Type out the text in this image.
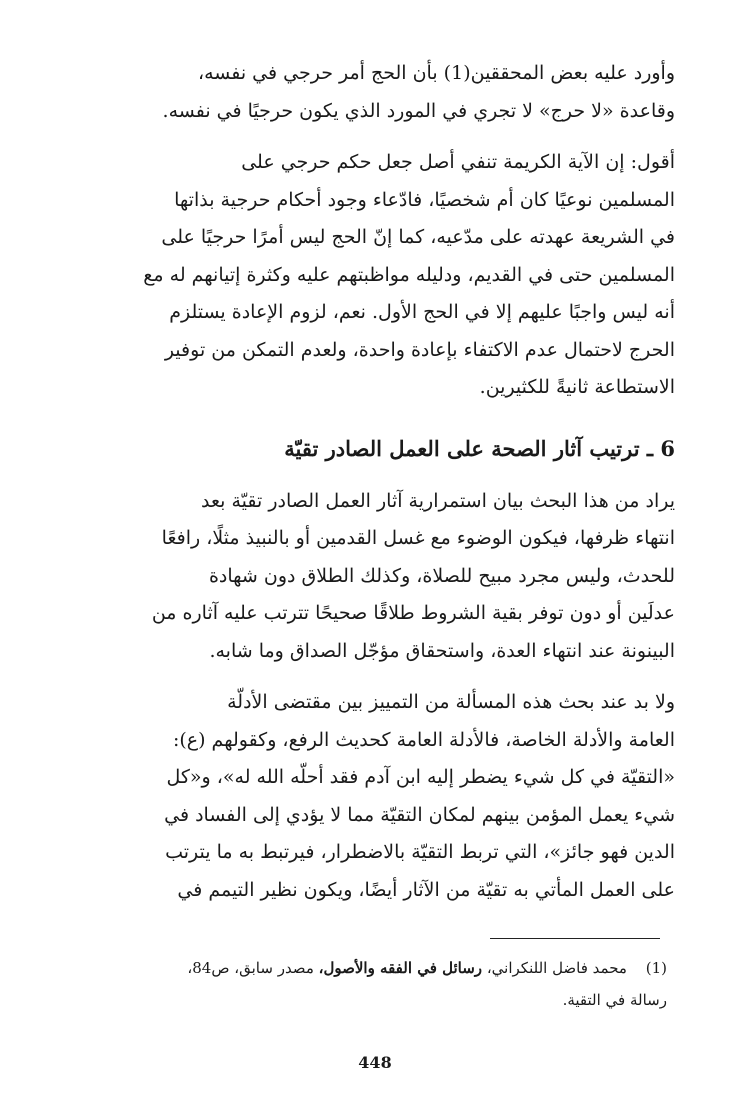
وأورد عليه بعض المحققين(1) بأن الحج أمر حرجي في نفسه،
وقاعدة «لا حرج» لا تجري في المورد الذي يكون حرجيًا في نفسه.

أقول: إن الآية الكريمة تنفي أصل جعل حكم حرجي على
المسلمين نوعيًا كان أم شخصيًا، فادّعاء وجود أحكام حرجية بذاتها
في الشريعة عهدته على مدّعيه، كما إنّ الحج ليس أمرًا حرجيًا على
المسلمين حتى في القديم، ودليله مواظبتهم عليه وكثرة إتيانهم له مع
أنه ليس واجبًا عليهم إلا في الحج الأول. نعم، لزوم الإعادة يستلزم
الحرج لاحتمال عدم الاكتفاء بإعادة واحدة، ولعدم التمكن من توفير
الاستطاعة ثانيةً للكثيرين.

6 ـ ترتيب آثار الصحة على العمل الصادر تقيّة

يراد من هذا البحث بيان استمرارية آثار العمل الصادر تقيّة بعد
انتهاء ظرفها، فيكون الوضوء مع غسل القدمين أو بالنبيذ مثلًا، رافعًا
للحدث، وليس مجرد مبيح للصلاة، وكذلك الطلاق دون شهادة
عدلَين أو دون توفر بقية الشروط طلاقًا صحيحًا تترتب عليه آثاره من
البينونة عند انتهاء العدة، واستحقاق مؤجّل الصداق وما شابه.

ولا بد عند بحث هذه المسألة من التمييز بين مقتضى الأدلّة
العامة والأدلة الخاصة، فالأدلة العامة كحديث الرفع، وكقولهم (ع):
«التقيّة في كل شيء يضطر إليه ابن آدم فقد أحلّه الله له»، و«كل
شيء يعمل المؤمن بينهم لمكان التقيّة مما لا يؤدي إلى الفساد في
الدين فهو جائز»، التي تربط التقيّة بالاضطرار، فيرتبط به ما يترتب
على العمل المأتي به تقيّة من الآثار أيضًا، ويكون نظير التيمم في

(1) محمد فاضل اللنكراني، رسائل في الفقه والأصول، مصدر سابق، ص84،
رسالة في التقية.
448
